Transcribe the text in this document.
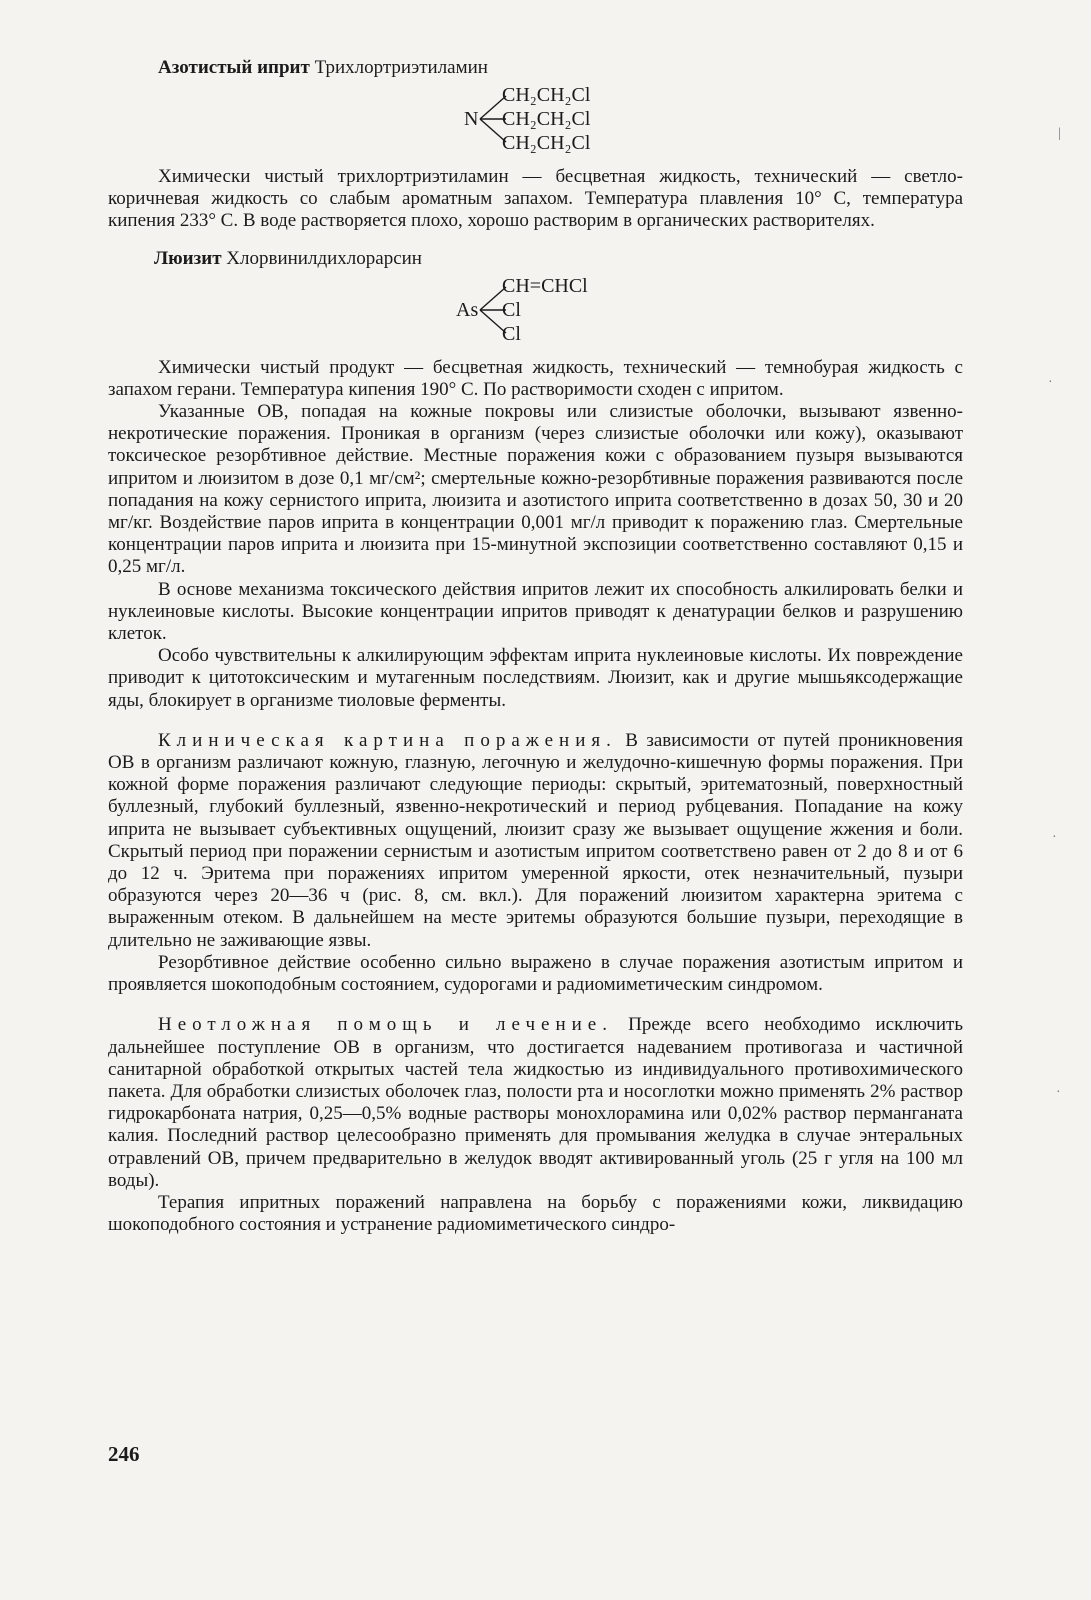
Азотистый иприт Трихлортриэтиламин

N
CH₂CH₂Cl
CH₂CH₂Cl
CH₂CH₂Cl

Химически чистый трихлортриэтиламин — бесцветная жидкость, технический — светло-коричневая жидкость со слабым ароматным запахом. Температура плавления 10° С, температура кипения 233° С. В воде растворяется плохо, хорошо растворим в органических растворителях.

Люизит Хлорвинилдихлорарсин

As
CH=CHCl
Cl
Cl

Химически чистый продукт — бесцветная жидкость, технический — темнобурая жидкость с запахом герани. Температура кипения 190° С. По растворимости сходен с ипритом.

Указанные ОВ, попадая на кожные покровы или слизистые оболочки, вызывают язвенно-некротические поражения. Проникая в организм (через слизистые оболочки или кожу), оказывают токсическое резорбтивное действие. Местные поражения кожи с образованием пузыря вызываются ипритом и люизитом в дозе 0,1 мг/см²; смертельные кожно-резорбтивные поражения развиваются после попадания на кожу сернистого иприта, люизита и азотистого иприта соответственно в дозах 50, 30 и 20 мг/кг. Воздействие паров иприта в концентрации 0,001 мг/л приводит к поражению глаз. Смертельные концентрации паров иприта и люизита при 15-минутной экспозиции соответственно составляют 0,15 и 0,25 мг/л.

В основе механизма токсического действия ипритов лежит их способность алкилировать белки и нуклеиновые кислоты. Высокие концентрации ипритов приводят к денатурации белков и разрушению клеток.

Особо чувствительны к алкилирующим эффектам иприта нуклеиновые кислоты. Их повреждение приводит к цитотоксическим и мутагенным последствиям. Люизит, как и другие мышьяксодержащие яды, блокирует в организме тиоловые ферменты.

Клиническая картина поражения. В зависимости от путей проникновения ОВ в организм различают кожную, глазную, легочную и желудочно-кишечную формы поражения. При кожной форме поражения различают следующие периоды: скрытый, эритематозный, поверхностный буллезный, глубокий буллезный, язвенно-некротический и период рубцевания. Попадание на кожу иприта не вызывает субъективных ощущений, люизит сразу же вызывает ощущение жжения и боли. Скрытый период при поражении сернистым и азотистым ипритом соответствено равен от 2 до 8 и от 6 до 12 ч. Эритема при поражениях ипритом умеренной яркости, отек незначительный, пузыри образуются через 20—36 ч (рис. 8, см. вкл.). Для поражений люизитом характерна эритема с выраженным отеком. В дальнейшем на месте эритемы образуются большие пузыри, переходящие в длительно не заживающие язвы.

Резорбтивное действие особенно сильно выражено в случае поражения азотистым ипритом и проявляется шокоподобным состоянием, судорогами и радиомиметическим синдромом.

Неотложная помощь и лечение. Прежде всего необходимо исключить дальнейшее поступление ОВ в организм, что достигается надеванием противогаза и частичной санитарной обработкой открытых частей тела жидкостью из индивидуального противохимического пакета. Для обработки слизистых оболочек глаз, полости рта и носоглотки можно применять 2% раствор гидрокарбоната натрия, 0,25—0,5% водные растворы монохлорамина или 0,02% раствор перманганата калия. Последний раствор целесообразно применять для промывания желудка в случае энтеральных отравлений ОВ, причем предварительно в желудок вводят активированный уголь (25 г угля на 100 мл воды).

Терапия ипритных поражений направлена на борьбу с поражениями кожи, ликвидацию шокоподобного состояния и устранение радиомиметического синдро-

246
|
·
·
·
